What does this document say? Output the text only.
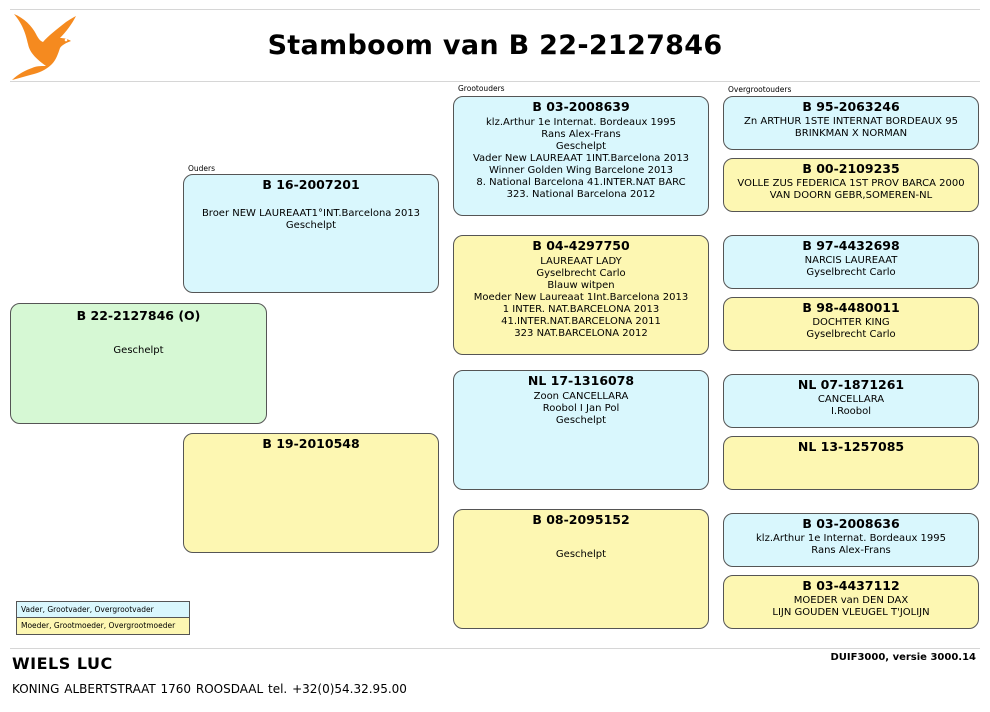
Stamboom van B 22-2127846
Ouders
Grootouders	Overgrootouders
B 22-2127846 (O)
Geschelpt
B 16-2007201
Broer NEW LAUREAAT1°INT.Barcelona 2013
Geschelpt
B 19-2010548
B 03-2008639
klz.Arthur 1e Internat. Bordeaux 1995
Rans Alex-Frans
Geschelpt
Vader New LAUREAAT 1INT.Barcelona 2013
Winner Golden Wing Barcelone 2013
8. National Barcelona 41.INTER.NAT BARC
323. National Barcelona 2012
B 04-4297750
LAUREAAT LADY
Gyselbrecht Carlo
Blauw witpen
Moeder New Laureaat 1Int.Barcelona 2013
1 INTER. NAT.BARCELONA 2013
41.INTER.NAT.BARCELONA 2011
323 NAT.BARCELONA 2012
NL 17-1316078
Zoon CANCELLARA
Roobol I Jan Pol
Geschelpt
B 08-2095152
Geschelpt
B 95-2063246
Zn ARTHUR 1STE INTERNAT BORDEAUX 95
BRINKMAN X NORMAN
B 00-2109235
VOLLE ZUS FEDERICA 1ST PROV BARCA 2000
VAN DOORN GEBR,SOMEREN-NL
B 97-4432698
NARCIS LAUREAAT
Gyselbrecht Carlo
B 98-4480011
DOCHTER KING
Gyselbrecht Carlo
NL 07-1871261
CANCELLARA
I.Roobol
NL 13-1257085
B 03-2008636
klz.Arthur 1e Internat. Bordeaux 1995
Rans Alex-Frans
B 03-4437112
MOEDER van DEN DAX
LIJN GOUDEN VLEUGEL T'JOLIJN
Vader, Grootvader, Overgrootvader
Moeder, Grootmoeder, Overgrootmoeder
WIELS LUC
KONING ALBERTSTRAAT 1760 ROOSDAAL tel. +32(0)54.32.95.00
DUIF3000, versie 3000.14
